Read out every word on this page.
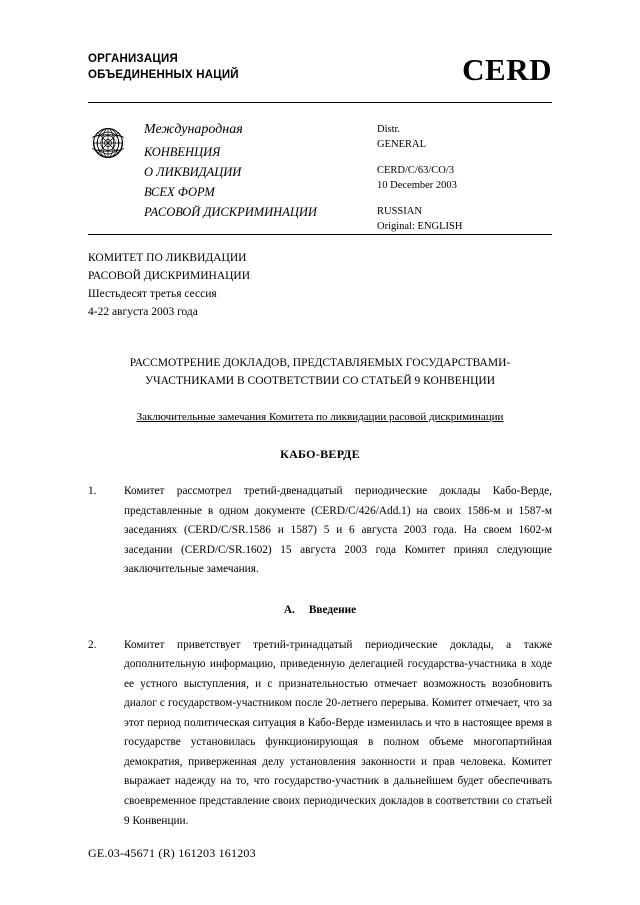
ОРГАНИЗАЦИЯ
ОБЪЕДИНЕННЫХ НАЦИЙ	CERD
Международная
КОНВЕНЦИЯ
О ЛИКВИДАЦИИ
ВСЕХ ФОРМ
РАСОВОЙ ДИСКРИМИНАЦИИ
Distr.
GENERAL
CERD/C/63/CO/3
10 December 2003
RUSSIAN
Original: ENGLISH
КОМИТЕТ ПО ЛИКВИДАЦИИ
РАСОВОЙ ДИСКРИМИНАЦИИ
Шестьдесят третья сессия
4-22 августа 2003 года
РАССМОТРЕНИЕ ДОКЛАДОВ, ПРЕДСТАВЛЯЕМЫХ ГОСУДАРСТВАМИ-
УЧАСТНИКАМИ В СООТВЕТСТВИИ СО СТАТЬЕЙ 9 КОНВЕНЦИИ
Заключительные замечания Комитета по ликвидации расовой дискриминации
КАБО-ВЕРДЕ
1.	Комитет рассмотрел третий-двенадцатый периодические доклады Кабо-Верде, представленные в одном документе (CERD/C/426/Add.1) на своих 1586-м и 1587-м заседаниях (CERD/C/SR.1586 и 1587) 5 и 6 августа 2003 года. На своем 1602-м заседании (CERD/C/SR.1602) 15 августа 2003 года Комитет принял следующие заключительные замечания.
A. Введение
2.	Комитет приветствует третий-тринадцатый периодические доклады, а также дополнительную информацию, приведенную делегацией государства-участника в ходе ее устного выступления, и с признательностью отмечает возможность возобновить диалог с государством-участником после 20-летнего перерыва. Комитет отмечает, что за этот период политическая ситуация в Кабо-Верде изменилась и что в настоящее время в государстве установилась функционирующая в полном объеме многопартийная демократия, приверженная делу установления законности и прав человека. Комитет выражает надежду на то, что государство-участник в дальнейшем будет обеспечивать своевременное представление своих периодических докладов в соответствии со статьей 9 Конвенции.
GE.03-45671 (R) 161203 161203
